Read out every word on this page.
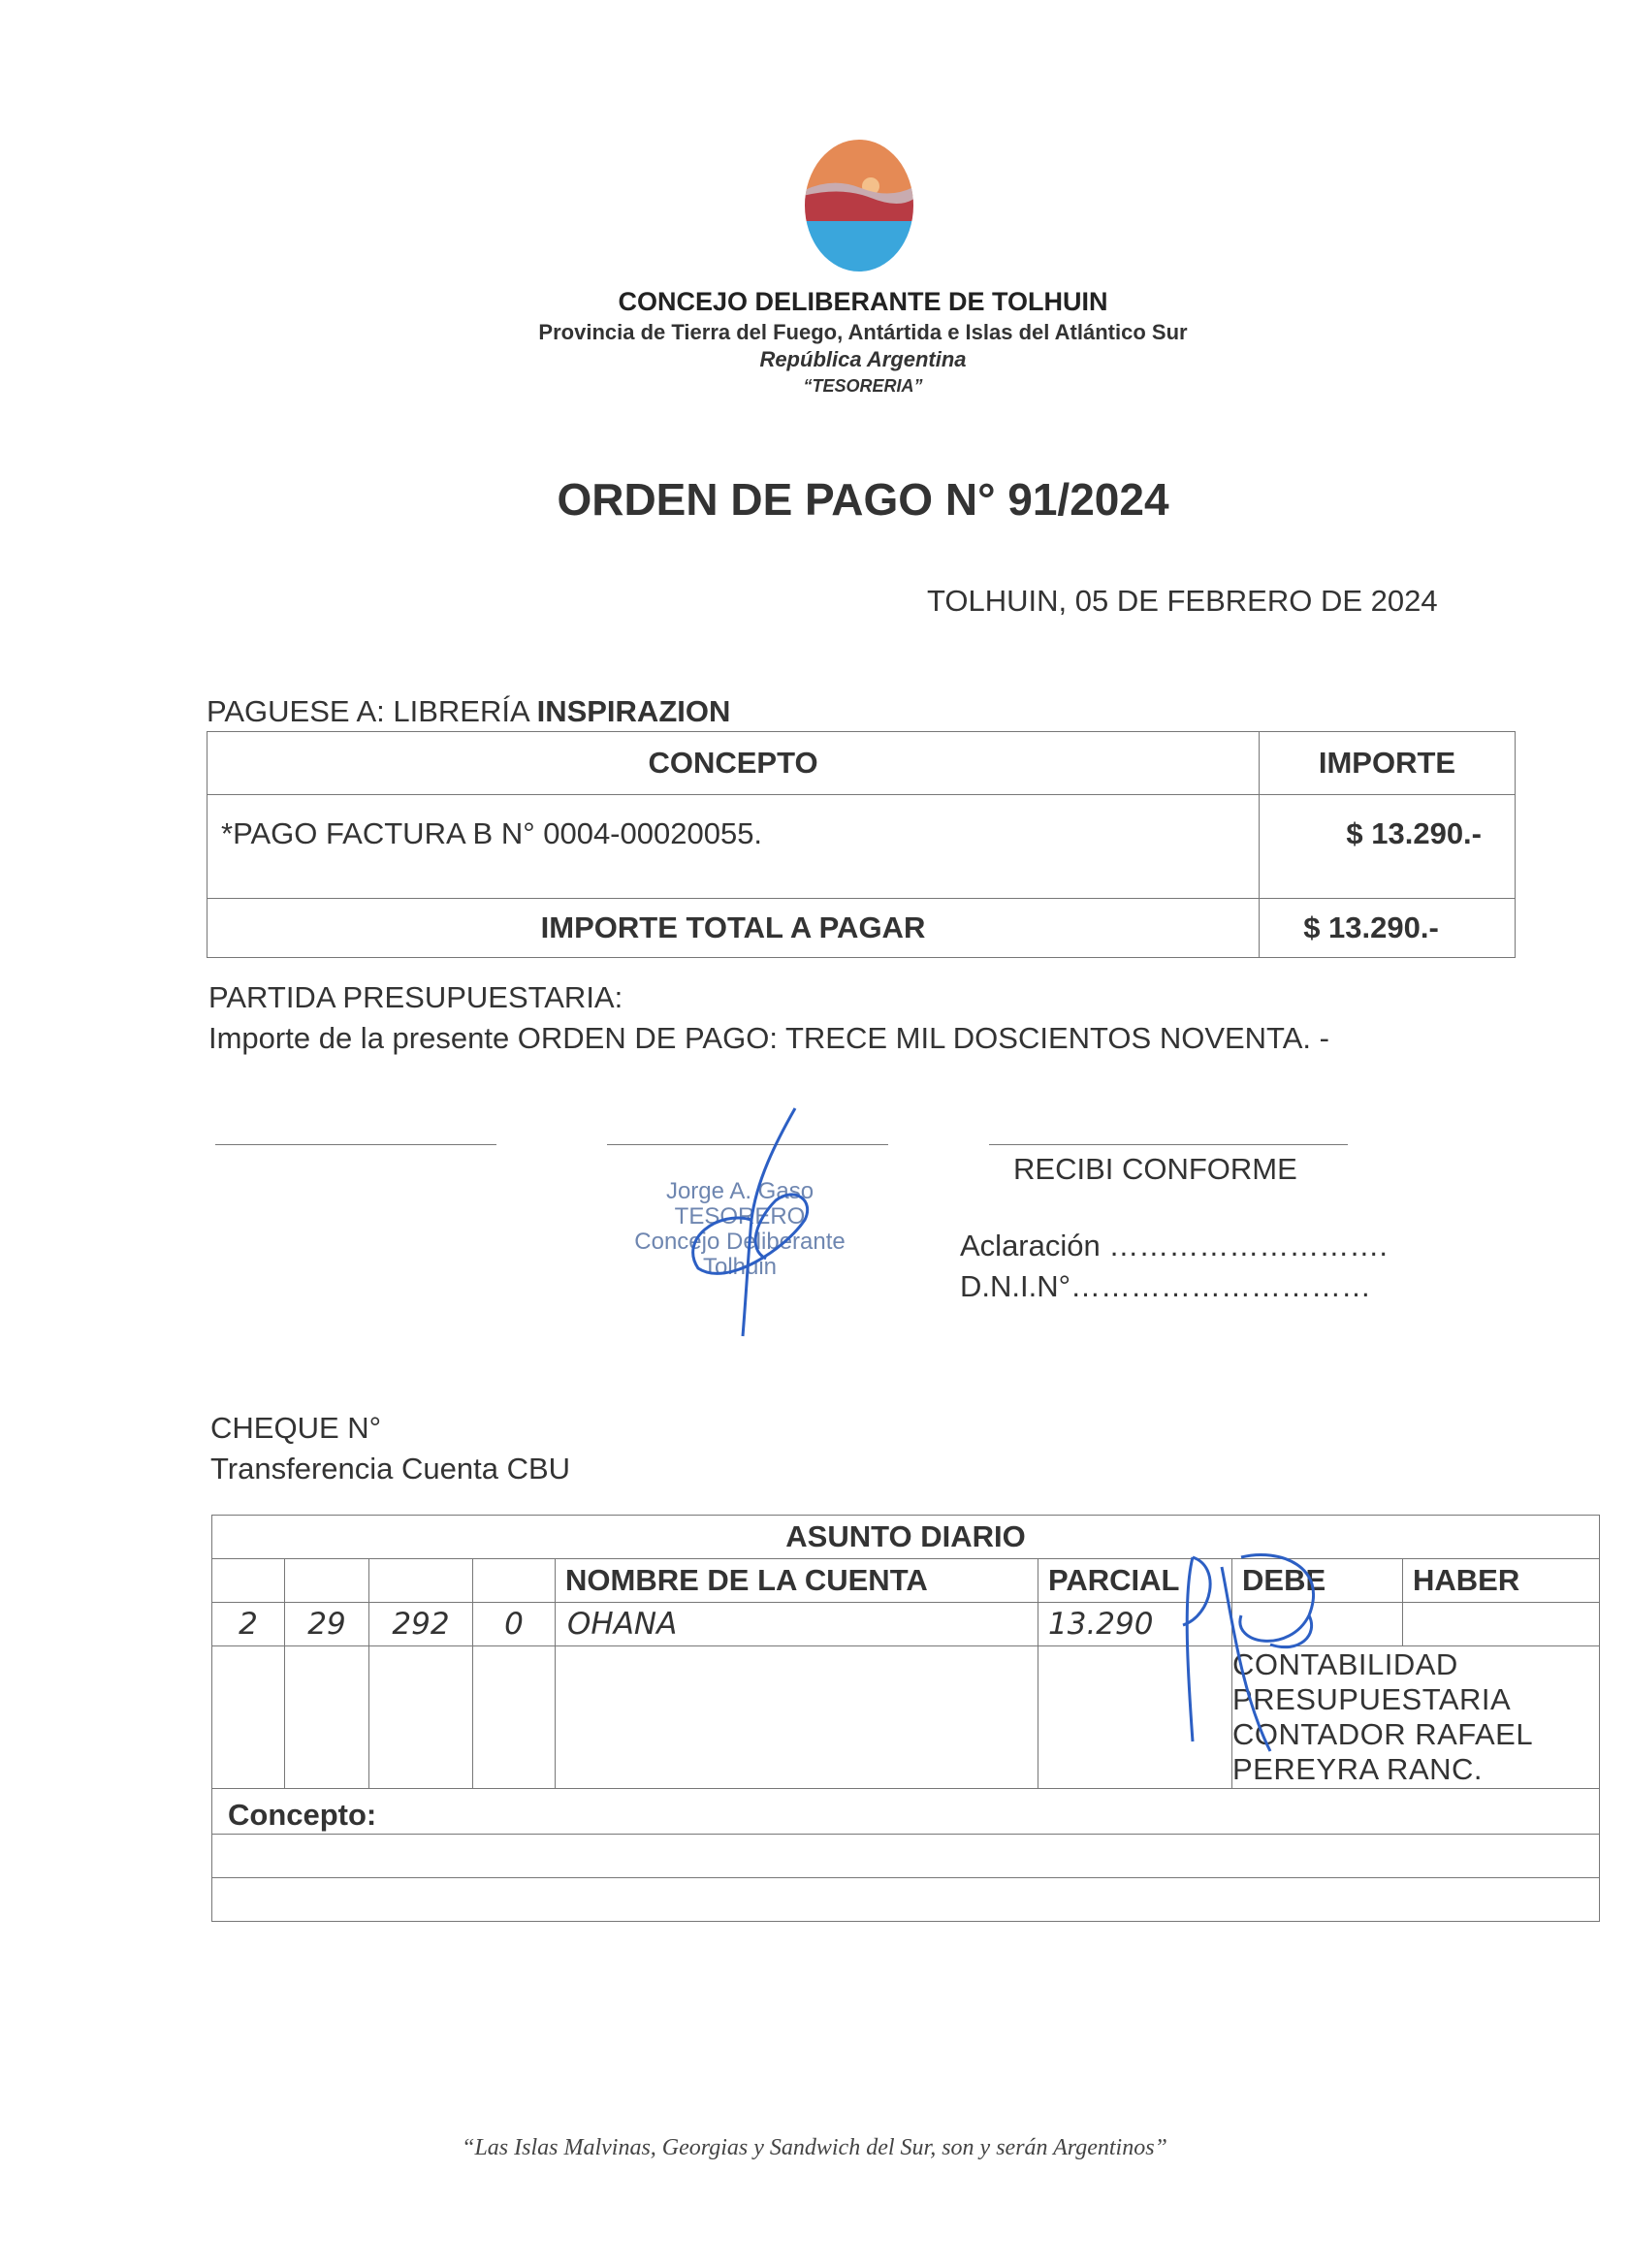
CONCEJO DELIBERANTE DE TOLHUIN
Provincia de Tierra del Fuego, Antártida e Islas del Atlántico Sur
República Argentina
“TESORERIA”
ORDEN DE PAGO N° 91/2024
TOLHUIN, 05 DE FEBRERO DE 2024
PAGUESE A: LIBRERÍA INSPIRAZION
CONCEPTO	IMPORTE
*PAGO FACTURA B N° 0004-00020055.	$ 13.290.-
IMPORTE TOTAL A PAGAR	$ 13.290.-
PARTIDA PRESUPUESTARIA:
Importe de la presente ORDEN DE PAGO: TRECE MIL DOSCIENTOS NOVENTA. -
Jorge A. Gaso
TESORERO
Concejo Deliberante Tolhuin
RECIBI CONFORME
Aclaración ……………………….
D.N.I.N°…………………………
CHEQUE N°
Transferencia Cuenta CBU
ASUNTO DIARIO							
				NOMBRE DE LA CUENTA	PARCIAL	DEBE	HABER
2	29	292	0	OHANA	13.290		

						CONTABILIDAD PRESUPUESTARIA
CONTADOR RAFAEL PEREYRA RANC.	

Concepto:							

“Las Islas Malvinas, Georgias y Sandwich del Sur, son y serán Argentinos”
